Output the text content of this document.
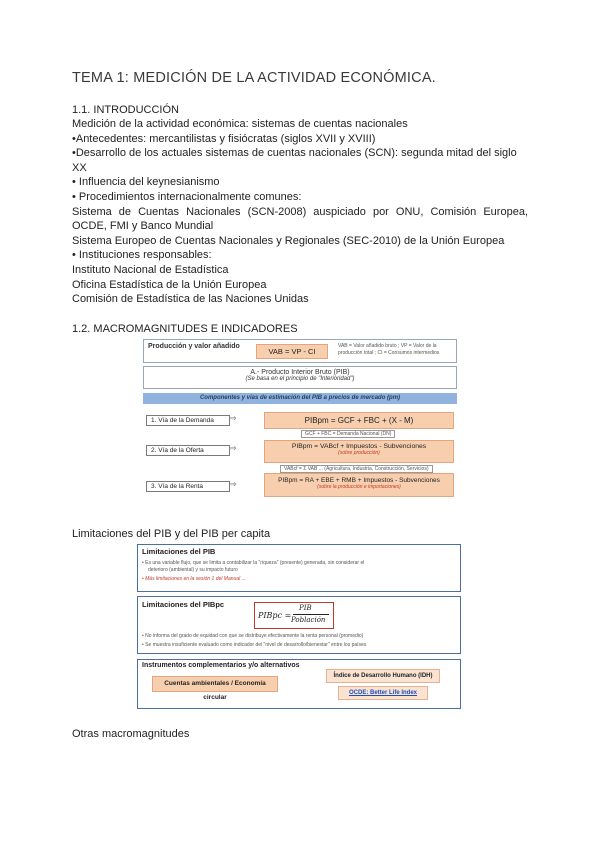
TEMA 1: MEDICIÓN DE LA ACTIVIDAD ECONÓMICA.
1.1. INTRODUCCIÓN
Medición de la actividad económica: sistemas de cuentas nacionales
•Antecedentes: mercantilistas y fisiócratas (siglos XVII y XVIII)
•Desarrollo de los actuales sistemas de cuentas nacionales (SCN): segunda mitad del siglo
XX
• Influencia del keynesianismo
• Procedimientos internacionalmente comunes:
Sistema de Cuentas Nacionales (SCN-2008) auspiciado por ONU, Comisión Europea, OCDE, FMI y Banco Mundial
Sistema Europeo de Cuentas Nacionales y Regionales (SEC-2010) de la Unión Europea
• Instituciones responsables:
Instituto Nacional de Estadística
Oficina Estadística de la Unión Europea
Comisión de Estadística de las Naciones Unidas
1.2. MACROMAGNITUDES E INDICADORES
Producción y valor añadido
VAB = VP - CI
VAB = Valor añadido bruto ; VP = Valor de la
producción total ; CI = Consumos intermedios
A.- Producto Interior Bruto (PIB)
(Se basa en el principio de "Interioridad")
Componentes y vías de estimación del PIB a precios de mercado (pm)
1. Vía de la Demanda	⇒	PIBpm = GCF + FBC + (X - M)
GCF + FBC = Demanda Nacional (DN)
2. Vía de la Oferta	⇒	PIBpm = VABcf + Impuestos - Subvenciones
(sobre producción)
VABcf = Σ VAB ... (Agricultura, Industria, Construcción, Servicios)
3. Vía de la Renta	⇒	PIBpm = RA + EBE + RMB + Impuestos - Subvenciones
(sobre la producción e importaciones)
Limitaciones del PIB y del PIB per capita
Limitaciones del PIB
• Es una variable flujo, que se limita a contabilizar la "riqueza" (presente) generada, sin considerar el
deterioro (ambiental) y su impacto futuro
• Más limitaciones en la sesión 1 del Manual ...
Limitaciones del PIBpc
PIBpc =
PIB
Población
• No informa del grado de equidad con que se distribuye efectivamente la renta personal (promedio)
• Se muestra insuficiente evaluado como indicador del "nivel de desarrollo/bienestar" entre los países
Instrumentos complementarios y/o alternativos
Cuentas ambientales / Economía circular
Índice de Desarrollo Humano (IDH)
OCDE: Better Life Index
Otras macromagnitudes
